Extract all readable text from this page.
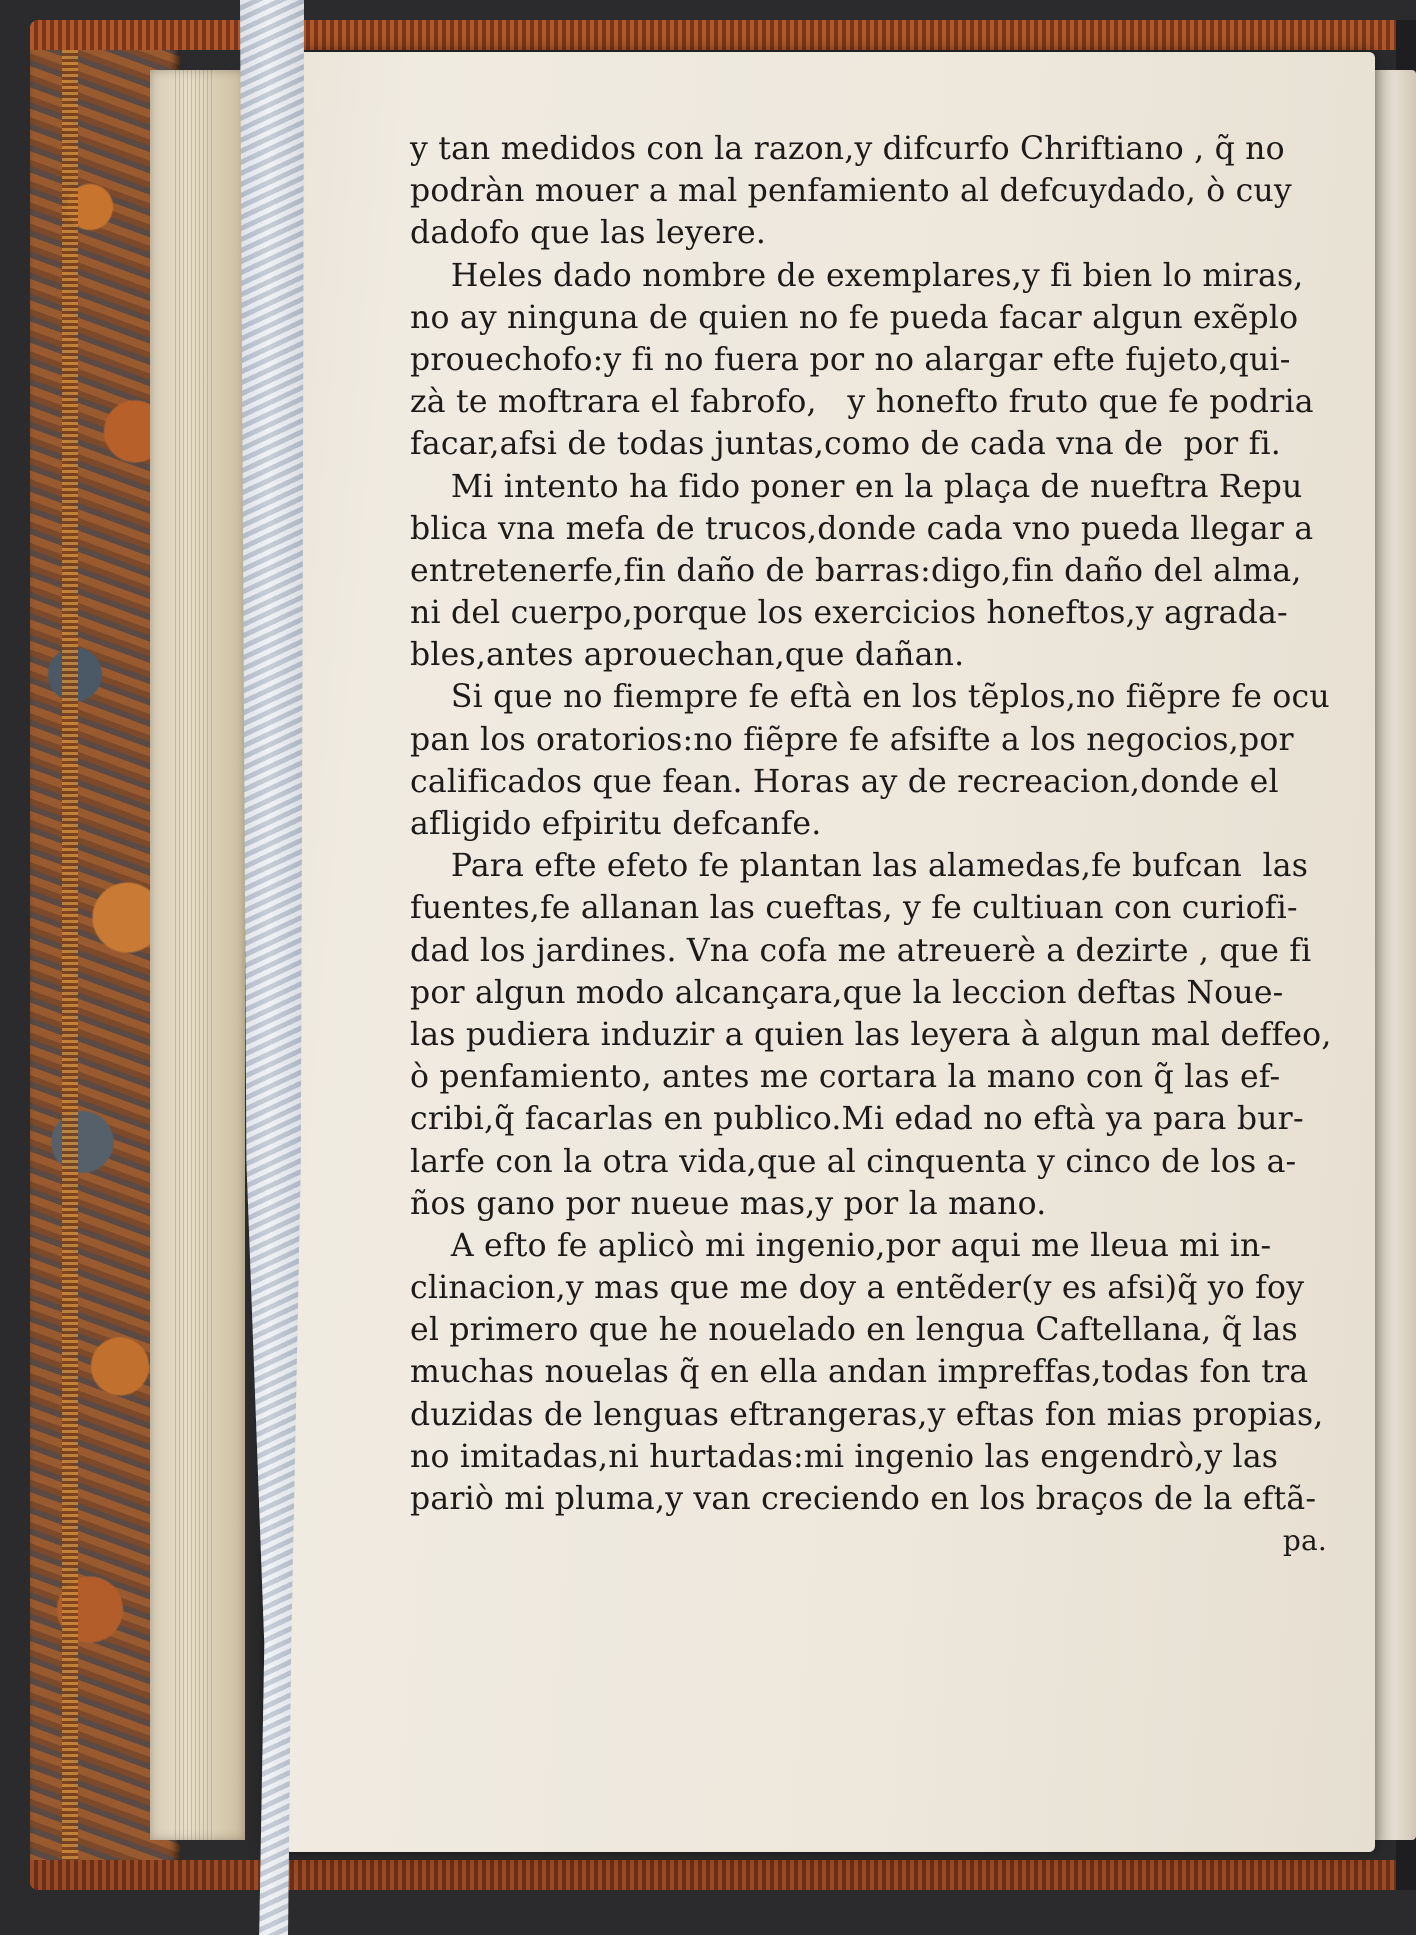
y tan medidos con la razon,y difcurfo Chriftiano , q̃ no
podràn mouer a mal penfamiento al defcuydado, ò cuy
dadofo que las leyere.
Heles dado nombre de exemplares,y fi bien lo miras,
no ay ninguna de quien no fe pueda facar algun exẽplo
prouechofo:y fi no fuera por no alargar efte fujeto,qui-
zà te moftrara el fabrofo,   y honefto fruto que fe podria
facar,afsi de todas juntas,como de cada vna de  por fi.
Mi intento ha fido poner en la plaça de nueftra Repu
blica vna mefa de trucos,donde cada vno pueda llegar a
entretenerfe,fin daño de barras:digo,fin daño del alma,
ni del cuerpo,porque los exercicios honeftos,y agrada-
bles,antes aprouechan,que dañan.
Si que no fiempre fe eftà en los tẽplos,no fiẽpre fe ocu
pan los oratorios:no fiẽpre fe afsifte a los negocios,por
calificados que fean. Horas ay de recreacion,donde el
afligido efpiritu defcanfe.
Para efte efeto fe plantan las alamedas,fe bufcan  las
fuentes,fe allanan las cueftas, y fe cultiuan con curiofi-
dad los jardines. Vna cofa me atreuerè a dezirte , que fi
por algun modo alcançara,que la leccion deftas Noue-
las pudiera induzir a quien las leyera à algun mal deffeo,
ò penfamiento, antes me cortara la mano con q̃ las ef-
cribi,q̃ facarlas en publico.Mi edad no eftà ya para bur-
larfe con la otra vida,que al cinquenta y cinco de los a-
ños gano por nueue mas,y por la mano.
A efto fe aplicò mi ingenio,por aqui me lleua mi in-
clinacion,y mas que me doy a entẽder(y es afsi)q̃ yo foy
el primero que he nouelado en lengua Caftellana, q̃ las
muchas nouelas q̃ en ella andan impreffas,todas fon tra
duzidas de lenguas eftrangeras,y eftas fon mias propias,
no imitadas,ni hurtadas:mi ingenio las engendrò,y las
pariò mi pluma,y van creciendo en los braços de la eftã-
pa.
